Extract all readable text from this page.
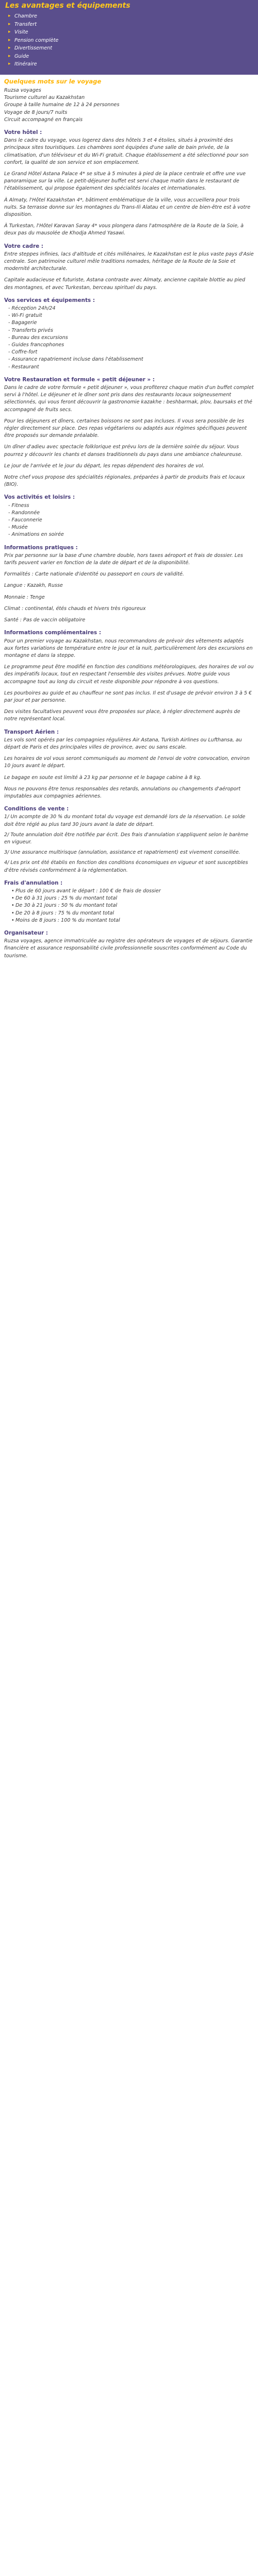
Les avantages et équipements
▸ Chambre
▸ Transfert
▸ Visite
▸ Pension complète
▸ Divertissement
▸ Guide
▸ Itinéraire
Quelques mots sur le voyage

Ruzsa voyages
Tourisme culturel au Kazakhstan
Groupe à taille humaine de 12 à 24 personnes
Voyage de 8 jours/7 nuits
Circuit accompagné en français

Votre hôtel :

Dans le cadre du voyage, vous logerez dans des hôtels 3 et 4 étoiles, situés à proximité des principaux sites touristiques. Les chambres sont équipées d'une salle de bain privée, de la climatisation, d'un téléviseur et du Wi-Fi gratuit. Chaque établissement a été sélectionné pour son confort, la qualité de son service et son emplacement.

Le Grand Hôtel Astana Palace 4* se situe à 5 minutes à pied de la place centrale et offre une vue panoramique sur la ville. Le petit-déjeuner buffet est servi chaque matin dans le restaurant de l'établissement, qui propose également des spécialités locales et internationales.

À Almaty, l'Hôtel Kazakhstan 4*, bâtiment emblématique de la ville, vous accueillera pour trois nuits. Sa terrasse donne sur les montagnes du Trans-Ili Alatau et un centre de bien-être est à votre disposition.

À Turkestan, l'Hôtel Karavan Saray 4* vous plongera dans l'atmosphère de la Route de la Soie, à deux pas du mausolée de Khodja Ahmed Yasawi.

Votre cadre :

Entre steppes infinies, lacs d'altitude et cités millénaires, le Kazakhstan est le plus vaste pays d'Asie centrale. Son patrimoine culturel mêle traditions nomades, héritage de la Route de la Soie et modernité architecturale.

Capitale audacieuse et futuriste, Astana contraste avec Almaty, ancienne capitale blottie au pied des montagnes, et avec Turkestan, berceau spirituel du pays.

Vos services et équipements :
- Réception 24h/24
- Wi-Fi gratuit
- Bagagerie
- Transferts privés
- Bureau des excursions
- Guides francophones
- Coffre-fort
- Assurance rapatriement incluse dans l'établissement
- Restaurant
Votre Restauration et formule « petit déjeuner » :

Dans le cadre de votre formule « petit déjeuner », vous profiterez chaque matin d'un buffet complet servi à l'hôtel. Le déjeuner et le dîner sont pris dans des restaurants locaux soigneusement sélectionnés, qui vous feront découvrir la gastronomie kazakhe : beshbarmak, plov, baursaks et thé accompagné de fruits secs.

Pour les déjeuners et dîners, certaines boissons ne sont pas incluses. Il vous sera possible de les régler directement sur place. Des repas végétariens ou adaptés aux régimes spécifiques peuvent être proposés sur demande préalable.

Un dîner d'adieu avec spectacle folklorique est prévu lors de la dernière soirée du séjour. Vous pourrez y découvrir les chants et danses traditionnels du pays dans une ambiance chaleureuse.

Le jour de l'arrivée et le jour du départ, les repas dépendent des horaires de vol.

Notre chef vous propose des spécialités régionales, préparées à partir de produits frais et locaux (BIO).

Vos activités et loisirs :
- Fitness
- Randonnée
- Fauconnerie
- Musée
- Animations en soirée
Informations pratiques :

Prix par personne sur la base d'une chambre double, hors taxes aéroport et frais de dossier. Les tarifs peuvent varier en fonction de la date de départ et de la disponibilité.

Formalités : Carte nationale d'identité ou passeport en cours de validité.

Langue : Kazakh, Russe

Monnaie : Tenge

Climat : continental, étés chauds et hivers très rigoureux

Santé : Pas de vaccin obligatoire

Informations complémentaires :

Pour un premier voyage au Kazakhstan, nous recommandons de prévoir des vêtements adaptés aux fortes variations de température entre le jour et la nuit, particulièrement lors des excursions en montagne et dans la steppe.

Le programme peut être modifié en fonction des conditions météorologiques, des horaires de vol ou des impératifs locaux, tout en respectant l'ensemble des visites prévues. Notre guide vous accompagne tout au long du circuit et reste disponible pour répondre à vos questions.

Les pourboires au guide et au chauffeur ne sont pas inclus. Il est d'usage de prévoir environ 3 à 5 € par jour et par personne.

Des visites facultatives peuvent vous être proposées sur place, à régler directement auprès de notre représentant local.

Transport Aérien :

Les vols sont opérés par les compagnies régulières Air Astana, Turkish Airlines ou Lufthansa, au départ de Paris et des principales villes de province, avec ou sans escale.

Les horaires de vol vous seront communiqués au moment de l'envoi de votre convocation, environ 10 jours avant le départ.

Le bagage en soute est limité à 23 kg par personne et le bagage cabine à 8 kg.

Nous ne pouvons être tenus responsables des retards, annulations ou changements d'aéroport imputables aux compagnies aériennes.

Conditions de vente :
1/ Un acompte de 30 % du montant total du voyage est demandé lors de la réservation. Le solde doit être réglé au plus tard 30 jours avant la date de départ.
2/ Toute annulation doit être notifiée par écrit. Des frais d'annulation s'appliquent selon le barème en vigueur.
3/ Une assurance multirisque (annulation, assistance et rapatriement) est vivement conseillée.
4/ Les prix ont été établis en fonction des conditions économiques en vigueur et sont susceptibles d'être révisés conformément à la réglementation.
Frais d'annulation :
• Plus de 60 jours avant le départ : 100 € de frais de dossier
• De 60 à 31 jours : 25 % du montant total
• De 30 à 21 jours : 50 % du montant total
• De 20 à 8 jours : 75 % du montant total
• Moins de 8 jours : 100 % du montant total
Organisateur :

Ruzsa voyages, agence immatriculée au registre des opérateurs de voyages et de séjours. Garantie financière et assurance responsabilité civile professionnelle souscrites conformément au Code du tourisme.
